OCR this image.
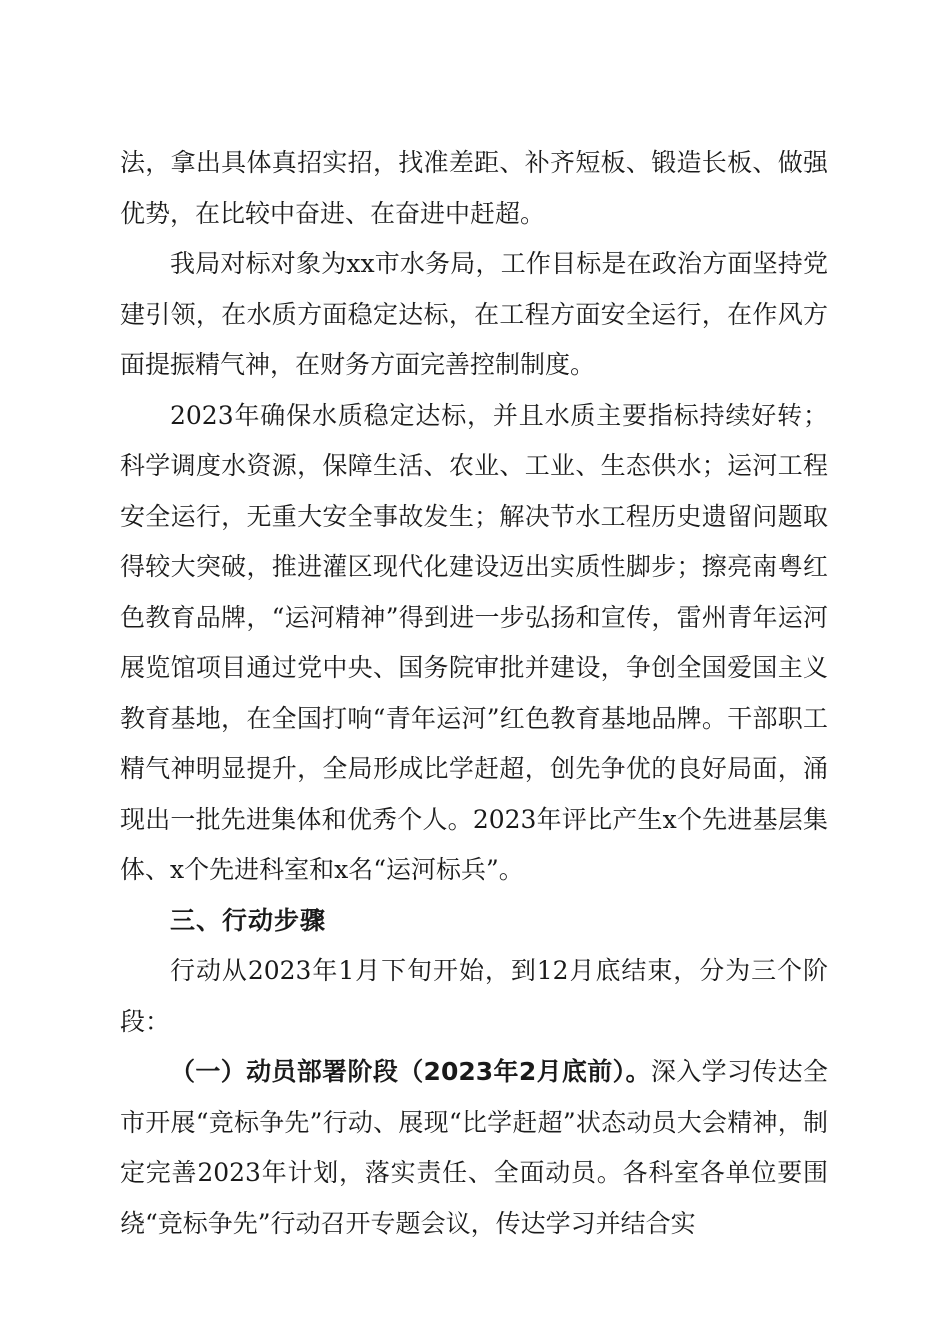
法，拿出具体真招实招，找准差距、补齐短板、锻造长板、做强优势，在比较中奋进、在奋进中赶超。

我局对标对象为xx市水务局，工作目标是在政治方面坚持党建引领，在水质方面稳定达标，在工程方面安全运行，在作风方面提振精气神，在财务方面完善控制制度。

2023年确保水质稳定达标，并且水质主要指标持续好转；科学调度水资源，保障生活、农业、工业、生态供水；运河工程安全运行，无重大安全事故发生；解决节水工程历史遗留问题取得较大突破，推进灌区现代化建设迈出实质性脚步；擦亮南粤红色教育品牌，“运河精神”得到进一步弘扬和宣传，雷州青年运河展览馆项目通过党中央、国务院审批并建设，争创全国爱国主义教育基地，在全国打响“青年运河”红色教育基地品牌。干部职工精气神明显提升，全局形成比学赶超，创先争优的良好局面，涌现出一批先进集体和优秀个人。2023年评比产生x个先进基层集体、x个先进科室和x名“运河标兵”。

三、行动步骤

行动从2023年1月下旬开始，到12月底结束，分为三个阶段：

（一）动员部署阶段（2023年2月底前）。深入学习传达全市开展“竞标争先”行动、展现“比学赶超”状态动员大会精神，制定完善2023年计划，落实责任、全面动员。各科室各单位要围绕“竞标争先”行动召开专题会议，传达学习并结合实
